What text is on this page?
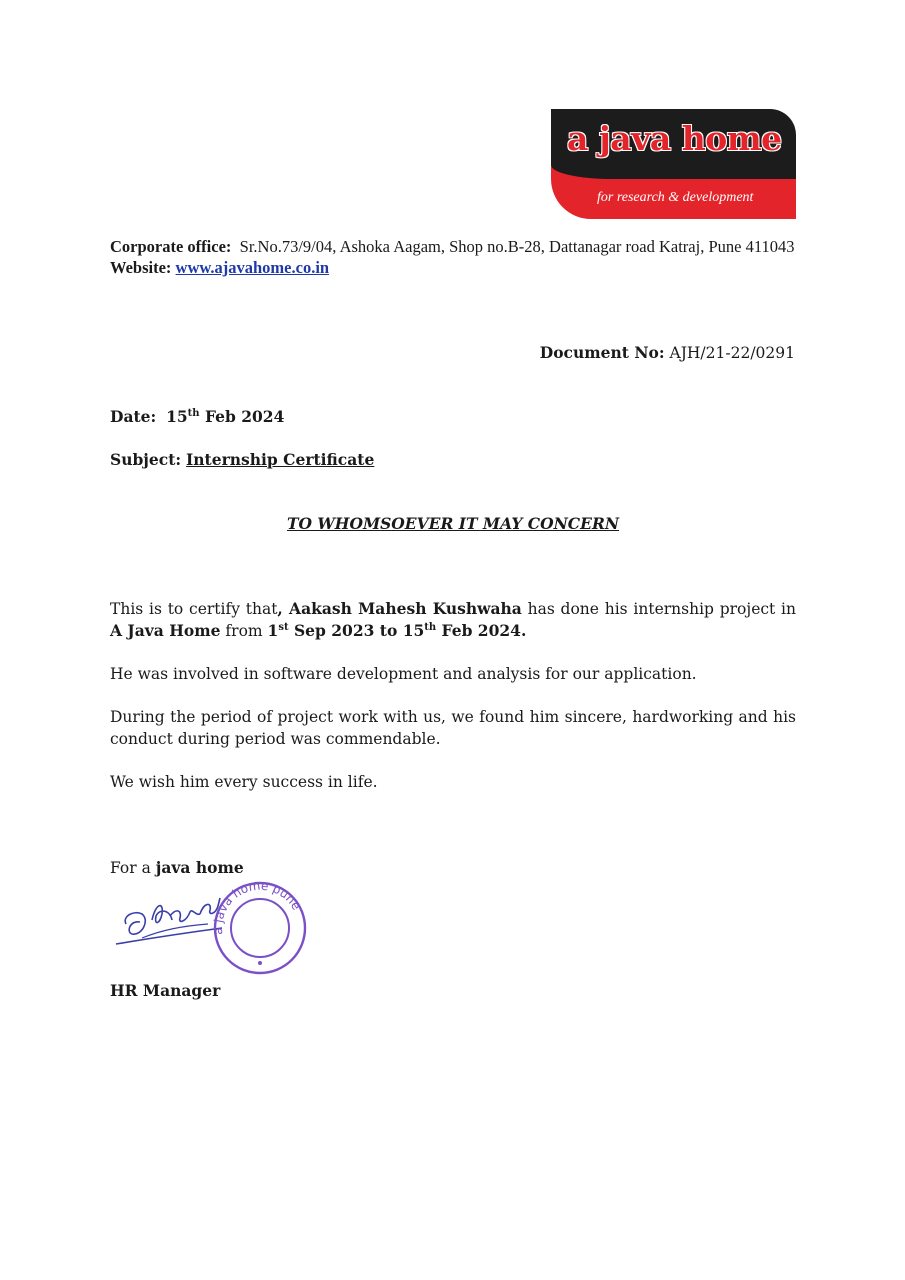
a java home
for research & development
Corporate office: Sr.No.73/9/04, Ashoka Aagam, Shop no.B-28, Dattanagar road Katraj, Pune 411043 Website: www.ajavahome.co.in
Document No: AJH/21-22/0291
Date: 15th Feb 2024
Subject: Internship Certificate
TO WHOMSOEVER IT MAY CONCERN
This is to certify that, Aakash Mahesh Kushwaha has done his internship project in A Java Home from 1st Sep 2023 to 15th Feb 2024.
He was involved in software development and analysis for our application.
During the period of project work with us, we found him sincere, hardworking and his conduct during period was commendable.
We wish him every success in life.
For a java home
a java home pune
HR Manager
